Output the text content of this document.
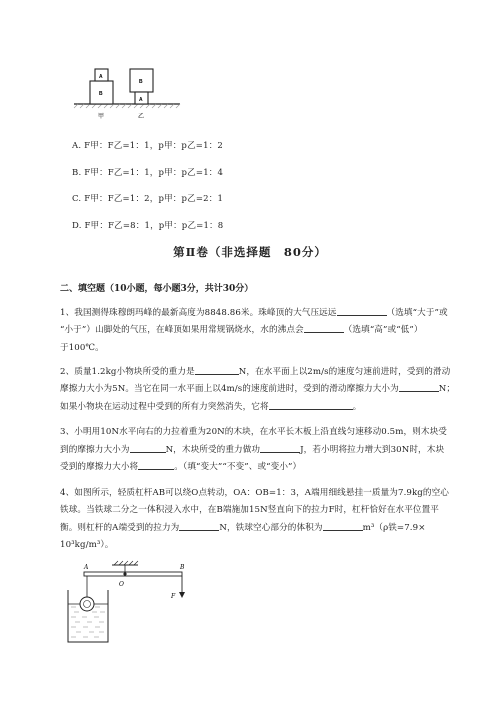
A
B
B
A
甲	乙
A. F甲：F乙=1：1，p甲：p乙=1：2
B. F甲：F乙=1：1，p甲：p乙=1：4
C. F甲：F乙=1：2，p甲：p乙=2：1
D. F甲：F乙=8：1，p甲：p乙=1：8
第Ⅱ卷（非选择题　80分）
二、填空题（10小题，每小题3分，共计30分）
1、我国测得珠穆朗玛峰的最新高度为8848.86米。珠峰顶的大气压远远	（选填“大于”或
“小于”）山脚处的气压，在峰顶如果用常规锅烧水，水的沸点会	（选填“高”或“低”）
于100℃。
2、质量1.2kg小物块所受的重力是	N，在水平面上以2m/s的速度匀速前进时，受到的滑动
摩擦力大小为5N。当它在同一水平面上以4m/s的速度前进时，受到的滑动摩擦力大小为	N；
如果小物块在运动过程中受到的所有力突然消失，它将	。
3、小明用10N水平向右的力拉着重为20N的木块，在水平长木板上沿直线匀速移动0.5m，则木块受
到的摩擦力大小为	N，木块所受的重力做功	J，若小明将拉力增大到30N时，木块
受到的摩擦力大小将	。（填“变大”“不变”、或“变小”）
4、如图所示，轻质杠杆AB可以绕O点转动，OA：OB=1：3，A端用细线悬挂一质量为7.9kg的空心
铁球。当铁球二分之一体积浸入水中，在B端施加15N竖直向下的拉力F时，杠杆恰好在水平位置平
衡。则杠杆的A端受到的拉力为	N，铁球空心部分的体积为	m³（ρ铁=7.9×
10³kg/m³）。
A	B
O
F
